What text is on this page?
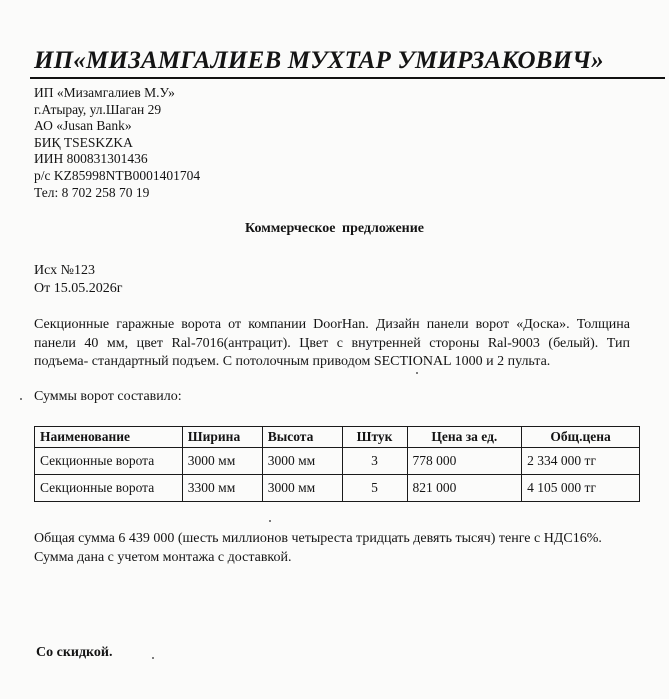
ИП«МИЗАМГАЛИЕВ МУХТАР УМИРЗАКОВИЧ»
ИП «Мизамгалиев М.У»
г.Атырау, ул.Шаган 29
АО «Jusan Bank»
БИҚ TSESKZKA
ИИН 800831301436
р/с KZ85998NTB0001401704
Тел: 8 702 258 70 19
Коммерческое предложение
Исх №123
От 15.05.2026г
Секционные гаражные ворота от компании DoorHan. Дизайн панели ворот «Доска». Толщина панели 40 мм, цвет Ral-7016(антрацит). Цвет с внутренней стороны Ral-9003 (белый). Тип подъема- стандартный подъем. С потолочным приводом SECTIONAL 1000 и 2 пульта.
Суммы ворот составило:
Наименование	Ширина	Высота	Штук	Цена за ед.	Общ.цена
Секционные ворота	3000 мм	3000 мм	3	778 000	2 334 000 тг
Секционные ворота	3300 мм	3000 мм	5	821 000	4 105 000 тг
Общая сумма 6 439 000 (шесть миллионов четыреста тридцать девять тысяч) тенге с НДС16%.
Сумма дана с учетом монтажа с доставкой.
Со скидкой.
